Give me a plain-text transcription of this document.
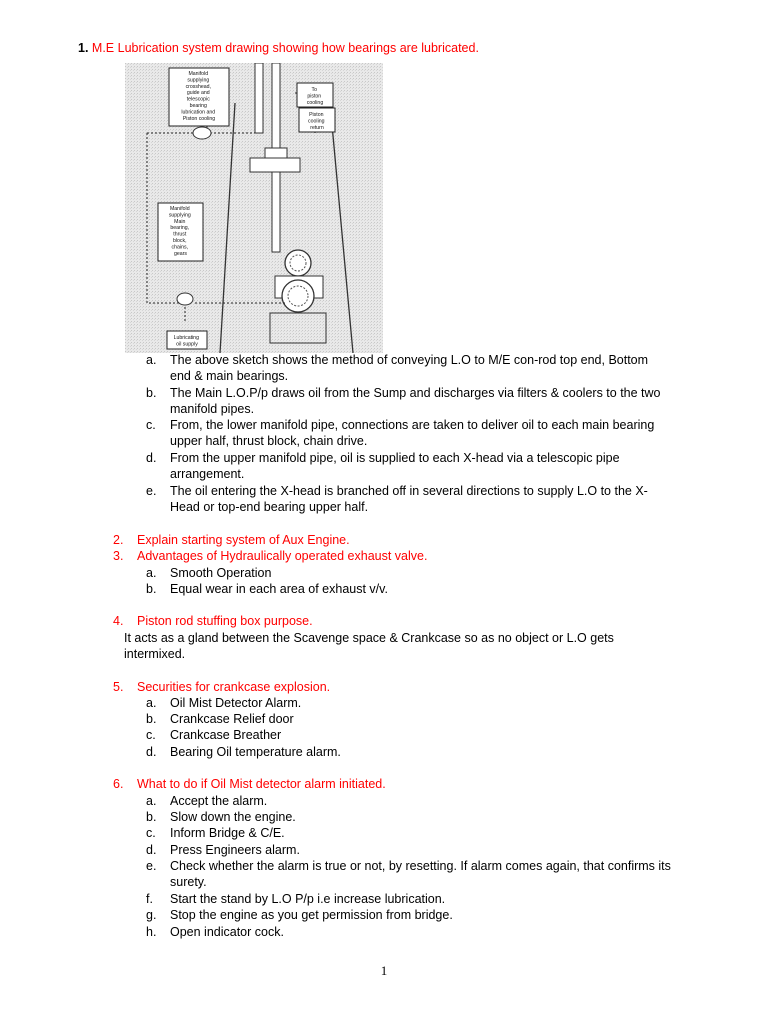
1. M.E Lubrication system drawing showing how bearings are lubricated.
Manifold supplying crosshead, guide and telescopic bearing lubrication and Piston cooling
To piston cooling
Piston cooling return
Manifold supplying Main bearing, thrust block, chains, gears
Lubricating oil supply
a.	The above sketch shows the method of conveying L.O to M/E con-rod top end, Bottom
end & main bearings.
b.	The Main L.O.P/p draws oil from the Sump and discharges via filters & coolers to the two
manifold pipes.
c.	From, the lower manifold pipe, connections are taken to deliver oil to each main bearing
upper half, thrust block, chain drive.
d.	From the upper manifold pipe, oil is supplied to each X-head via a telescopic pipe
arrangement.
e.	The oil entering the X-head is branched off in several directions to supply L.O to the X-
Head or top-end bearing upper half.
2.	Explain starting system of Aux Engine.
3.	Advantages of Hydraulically operated exhaust valve.
a.	Smooth Operation
b.	Equal wear in each area of exhaust v/v.
4.	Piston rod stuffing box purpose.
It acts as a gland between the Scavenge space & Crankcase so as no object or L.O gets
intermixed.
5.	Securities for crankcase explosion.
a.	Oil Mist Detector Alarm.
b.	Crankcase Relief door
c.	Crankcase Breather
d.	Bearing Oil temperature alarm.
6.	What to do if Oil Mist detector alarm initiated.
a.	Accept the alarm.
b.	Slow down the engine.
c.	Inform Bridge & C/E.
d.	Press Engineers alarm.
e.	Check whether the alarm is true or not, by resetting. If alarm comes again, that confirms its
surety.
f.	Start the stand by L.O P/p i.e increase lubrication.
g.	Stop the engine as you get permission from bridge.
h.	Open indicator cock.
1
